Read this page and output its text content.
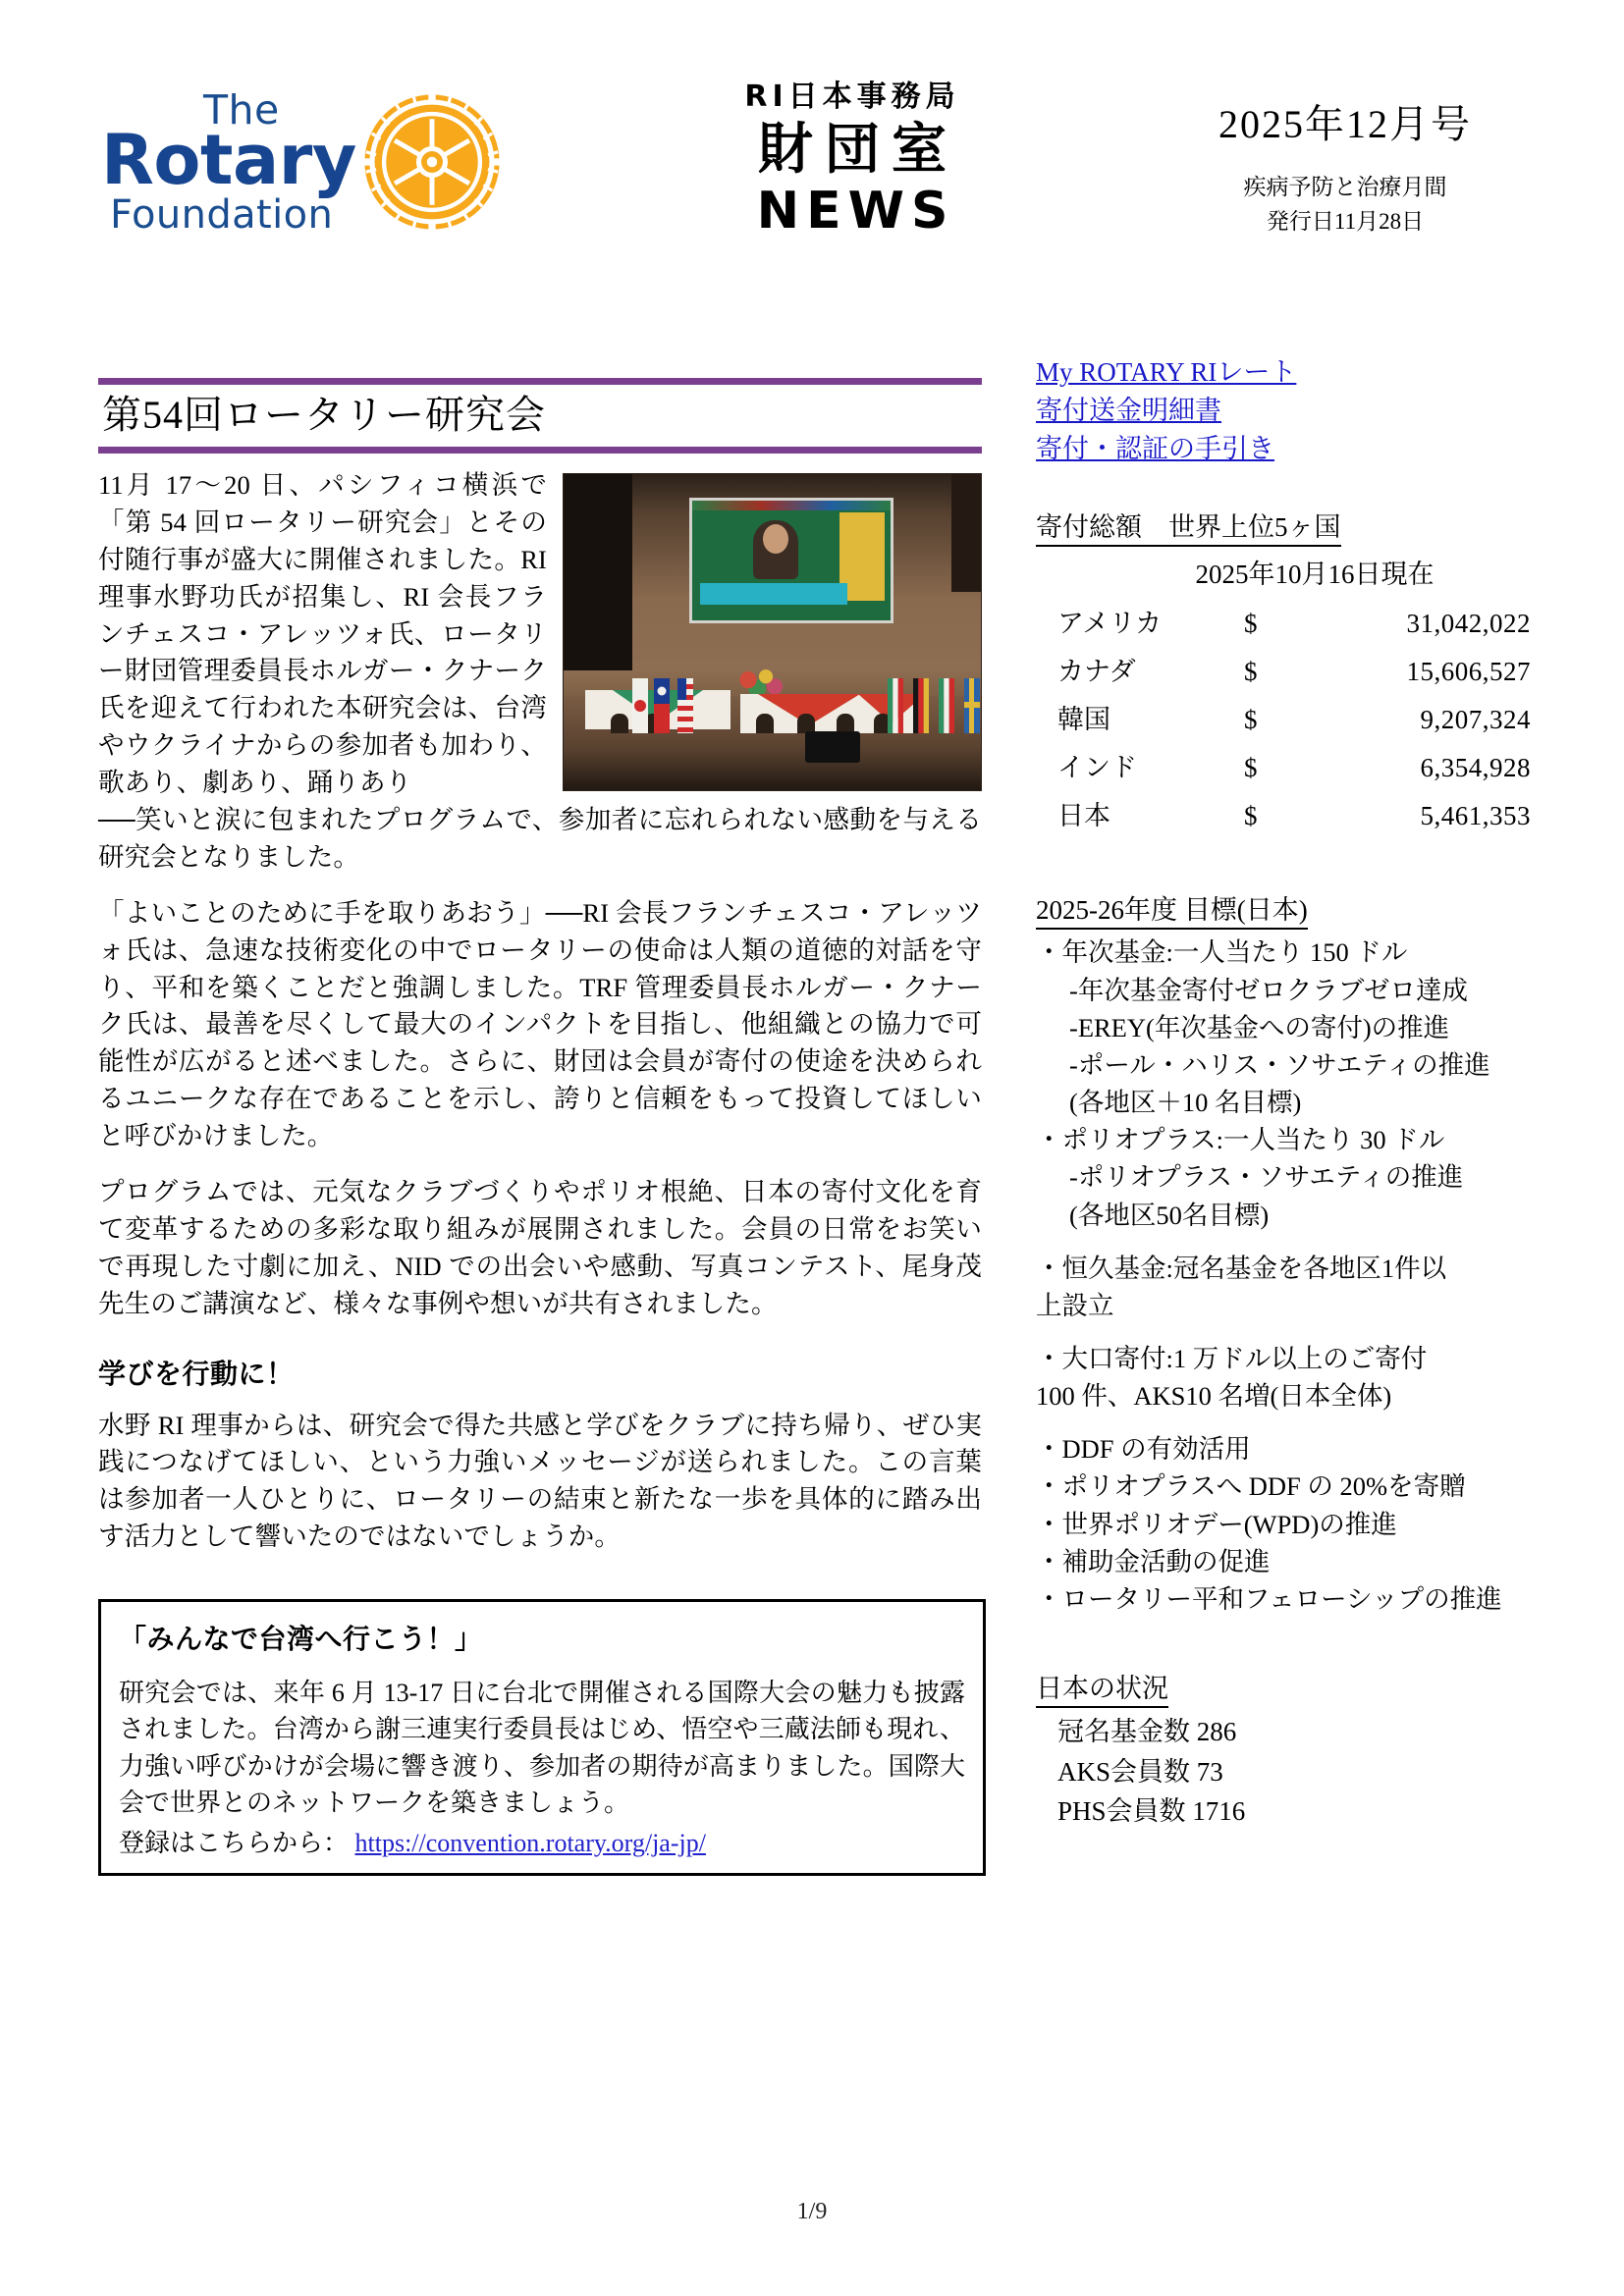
The
Rotary
Foundation
RI日本事務局
財団室
NEWS
2025年12月号
疾病予防と治療月間
発行日11月28日
第54回ロータリー研究会

11月 17～20 日、パシフィコ横浜で「第 54 回ロータリー研究会」とその付随行事が盛大に開催されました。RI 理事水野功氏が招集し、RI 会長フランチェスコ・アレッツォ氏、ロータリー財団管理委員長ホルガー・クナーク氏を迎えて行われた本研究会は、台湾やウクライナからの参加者も加わり、歌あり、劇あり、踊りあり

──笑いと涙に包まれたプログラムで、参加者に忘れられない感動を与える研究会となりました。

「よいことのために手を取りあおう」──RI 会長フランチェスコ・アレッツォ氏は、急速な技術変化の中でロータリーの使命は人類の道徳的対話を守り、平和を築くことだと強調しました。TRF 管理委員長ホルガー・クナーク氏は、最善を尽くして最大のインパクトを目指し、他組織との協力で可能性が広がると述べました。さらに、財団は会員が寄付の使途を決められるユニークな存在であることを示し、誇りと信頼をもって投資してほしいと呼びかけました。

プログラムでは、元気なクラブづくりやポリオ根絶、日本の寄付文化を育て変革するための多彩な取り組みが展開されました。会員の日常をお笑いで再現した寸劇に加え、NID での出会いや感動、写真コンテスト、尾身茂先生のご講演など、様々な事例や想いが共有されました。

学びを行動に！

水野 RI 理事からは、研究会で得た共感と学びをクラブに持ち帰り、ぜひ実践につなげてほしい、という力強いメッセージが送られました。この言葉は参加者一人ひとりに、ロータリーの結束と新たな一歩を具体的に踏み出す活力として響いたのではないでしょうか。

「みんなで台湾へ行こう！」

研究会では、来年 6 月 13-17 日に台北で開催される国際大会の魅力も披露されました。台湾から謝三連実行委員長はじめ、悟空や三蔵法師も現れ、力強い呼びかけが会場に響き渡り、参加者の期待が高まりました。国際大会で世界とのネットワークを築きましょう。

登録はこちらから： https://convention.rotary.org/ja-jp/
My ROTARY RIレート
寄付送金明細書
寄付・認証の手引き
寄付総額　世界上位5ヶ国
2025年10月16日現在
アメリカ	$	31,042,022
カナダ	$	15,606,527
韓国	$	9,207,324
インド	$	6,354,928
日本	$	5,461,353
2025-26年度 目標(日本)
・年次基金:一人当たり 150 ドル
-年次基金寄付ゼロクラブゼロ達成
-EREY(年次基金への寄付)の推進
-ポール・ハリス・ソサエティの推進
(各地区＋10 名目標)
・ポリオプラス:一人当たり 30 ドル
-ポリオプラス・ソサエティの推進
(各地区50名目標)
・恒久基金:冠名基金を各地区1件以
上設立
・大口寄付:1 万ドル以上のご寄付
100 件、AKS10 名増(日本全体)
・DDF の有効活用
・ポリオプラスへ DDF の 20%を寄贈
・世界ポリオデー(WPD)の推進
・補助金活動の促進
・ロータリー平和フェローシップの推進
日本の状況
冠名基金数 286
AKS会員数 73
PHS会員数 1716
1/9
